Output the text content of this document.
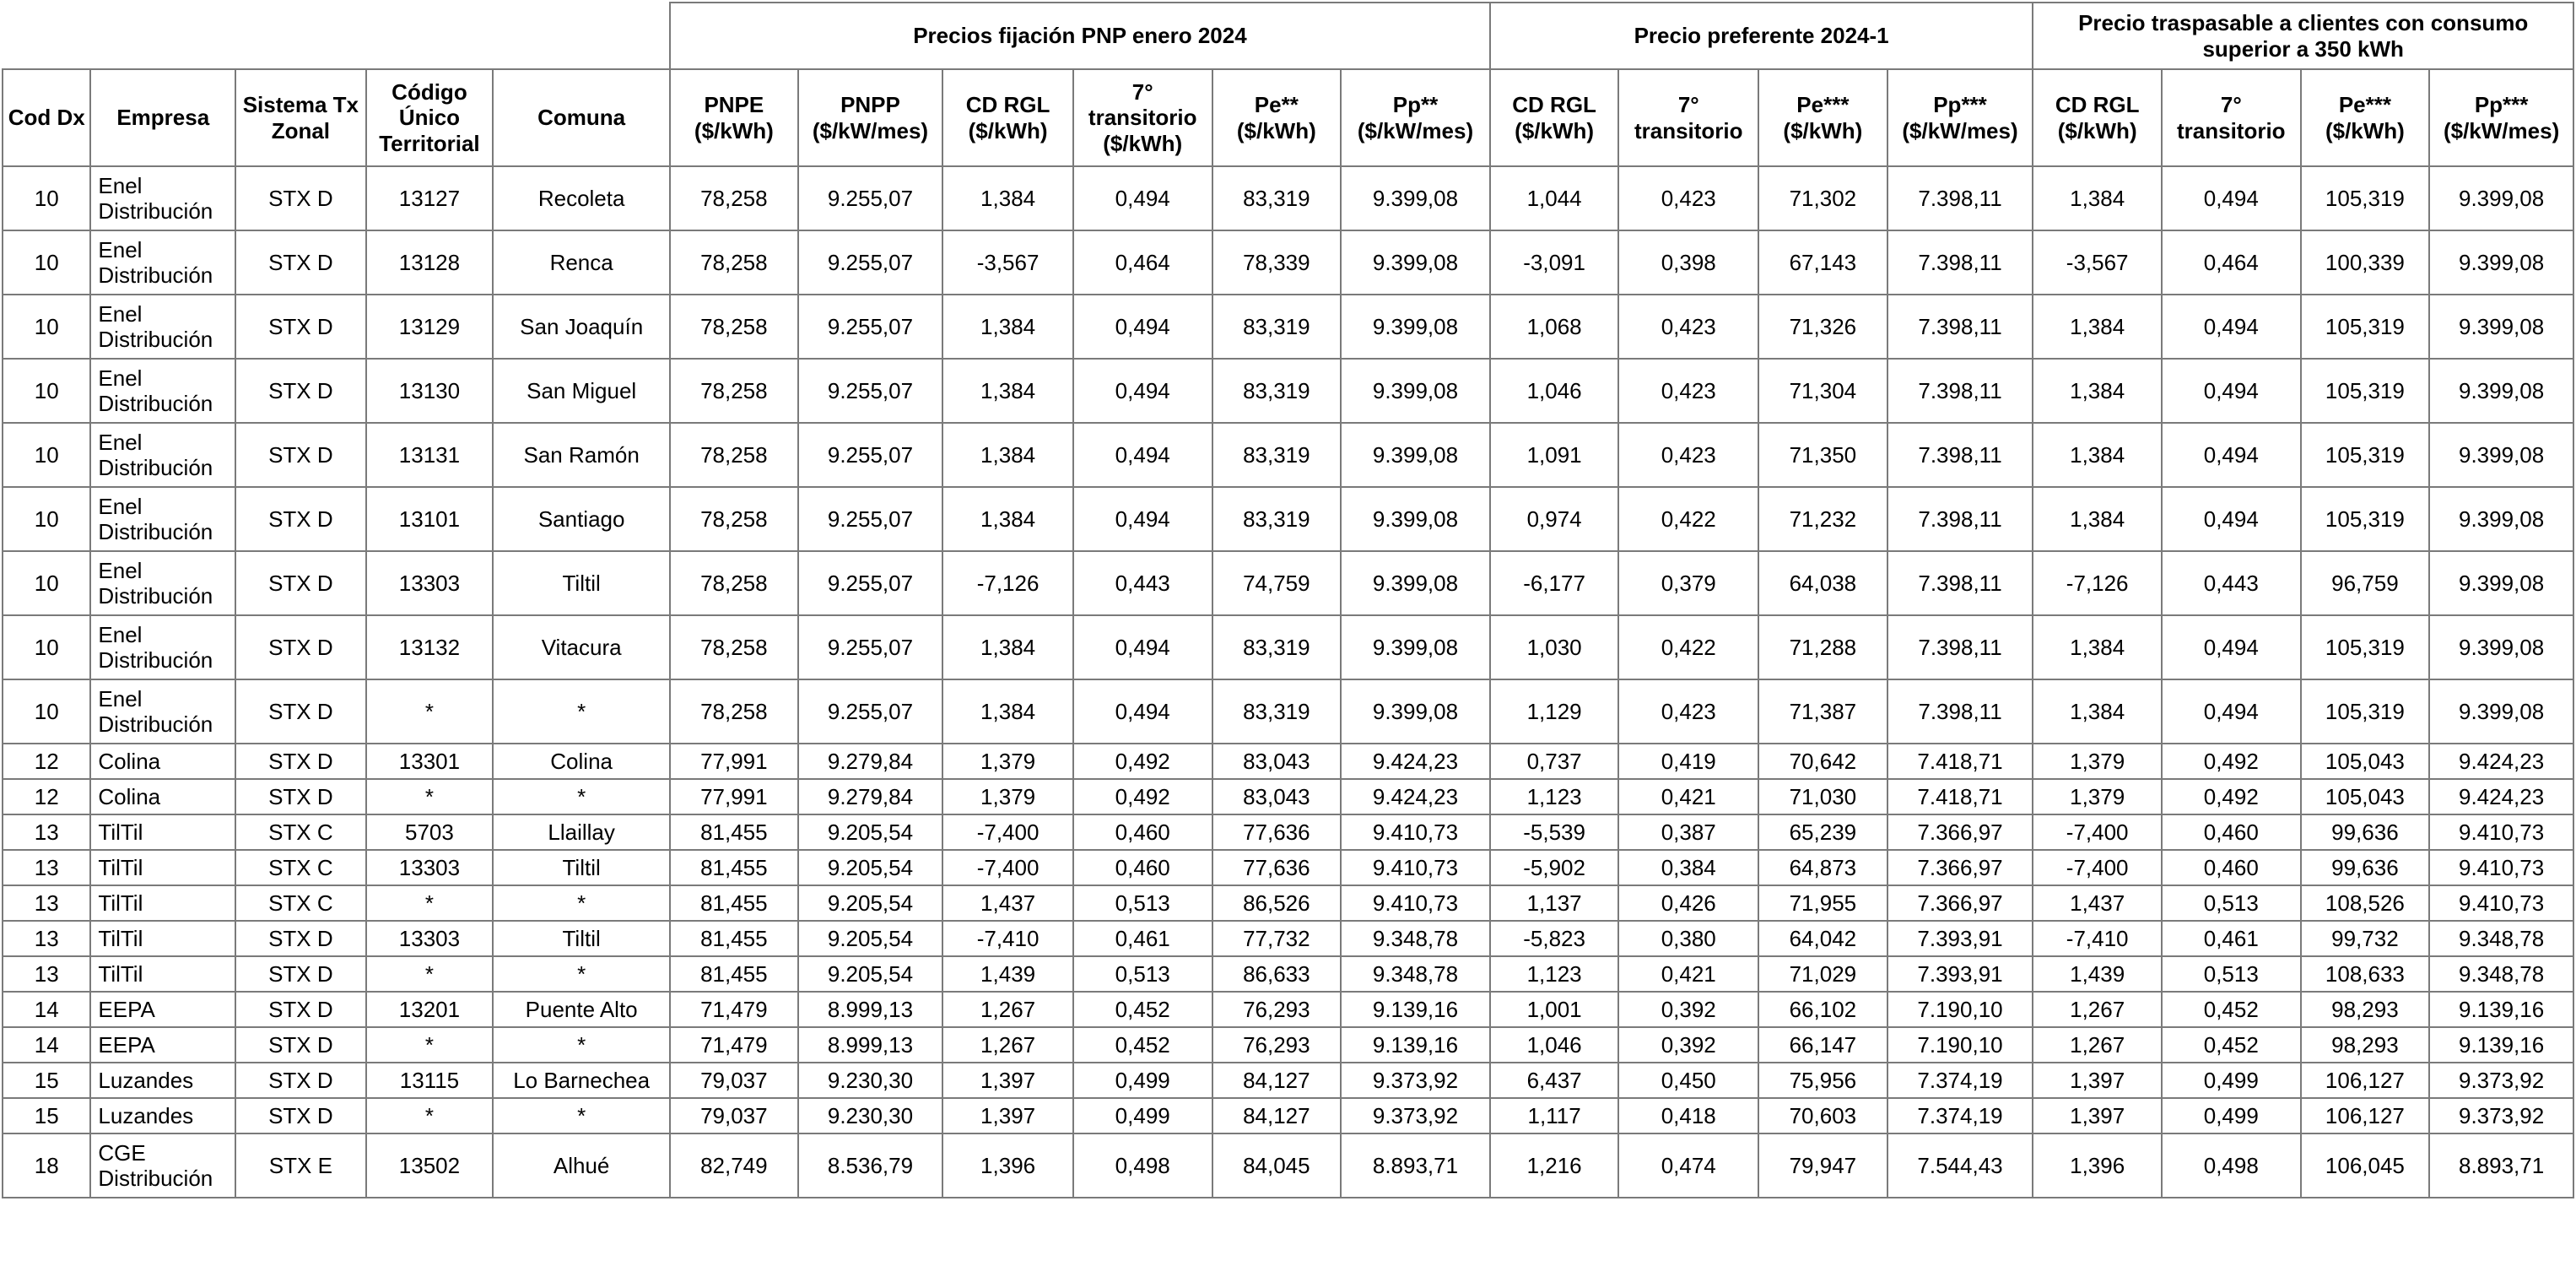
					Precios fijación PNP enero 2024						Precio preferente 2024-1				Precio traspasable a clientes con consumo superior a 350 kWh			
Cod Dx	Empresa	Sistema Tx Zonal	Código Único Territorial	Comuna	PNPE ($/kWh)	PNPP ($/kW/mes)	CD RGL ($/kWh)	7° transitorio ($/kWh)	Pe** ($/kWh)	Pp** ($/kW/mes)	CD RGL ($/kWh)	7° transitorio	Pe*** ($/kWh)	Pp*** ($/kW/mes)	CD RGL ($/kWh)	7° transitorio	Pe*** ($/kWh)	Pp*** ($/kW/mes)
10	Enel Distribución	STX D	13127	Recoleta	78,258	9.255,07	1,384	0,494	83,319	9.399,08	1,044	0,423	71,302	7.398,11	1,384	0,494	105,319	9.399,08
10	Enel Distribución	STX D	13128	Renca	78,258	9.255,07	-3,567	0,464	78,339	9.399,08	-3,091	0,398	67,143	7.398,11	-3,567	0,464	100,339	9.399,08
10	Enel Distribución	STX D	13129	San Joaquín	78,258	9.255,07	1,384	0,494	83,319	9.399,08	1,068	0,423	71,326	7.398,11	1,384	0,494	105,319	9.399,08
10	Enel Distribución	STX D	13130	San Miguel	78,258	9.255,07	1,384	0,494	83,319	9.399,08	1,046	0,423	71,304	7.398,11	1,384	0,494	105,319	9.399,08
10	Enel Distribución	STX D	13131	San Ramón	78,258	9.255,07	1,384	0,494	83,319	9.399,08	1,091	0,423	71,350	7.398,11	1,384	0,494	105,319	9.399,08
10	Enel Distribución	STX D	13101	Santiago	78,258	9.255,07	1,384	0,494	83,319	9.399,08	0,974	0,422	71,232	7.398,11	1,384	0,494	105,319	9.399,08
10	Enel Distribución	STX D	13303	Tiltil	78,258	9.255,07	-7,126	0,443	74,759	9.399,08	-6,177	0,379	64,038	7.398,11	-7,126	0,443	96,759	9.399,08
10	Enel Distribución	STX D	13132	Vitacura	78,258	9.255,07	1,384	0,494	83,319	9.399,08	1,030	0,422	71,288	7.398,11	1,384	0,494	105,319	9.399,08
10	Enel Distribución	STX D	*	*	78,258	9.255,07	1,384	0,494	83,319	9.399,08	1,129	0,423	71,387	7.398,11	1,384	0,494	105,319	9.399,08
12	Colina	STX D	13301	Colina	77,991	9.279,84	1,379	0,492	83,043	9.424,23	0,737	0,419	70,642	7.418,71	1,379	0,492	105,043	9.424,23
12	Colina	STX D	*	*	77,991	9.279,84	1,379	0,492	83,043	9.424,23	1,123	0,421	71,030	7.418,71	1,379	0,492	105,043	9.424,23
13	TilTil	STX C	5703	Llaillay	81,455	9.205,54	-7,400	0,460	77,636	9.410,73	-5,539	0,387	65,239	7.366,97	-7,400	0,460	99,636	9.410,73
13	TilTil	STX C	13303	Tiltil	81,455	9.205,54	-7,400	0,460	77,636	9.410,73	-5,902	0,384	64,873	7.366,97	-7,400	0,460	99,636	9.410,73
13	TilTil	STX C	*	*	81,455	9.205,54	1,437	0,513	86,526	9.410,73	1,137	0,426	71,955	7.366,97	1,437	0,513	108,526	9.410,73
13	TilTil	STX D	13303	Tiltil	81,455	9.205,54	-7,410	0,461	77,732	9.348,78	-5,823	0,380	64,042	7.393,91	-7,410	0,461	99,732	9.348,78
13	TilTil	STX D	*	*	81,455	9.205,54	1,439	0,513	86,633	9.348,78	1,123	0,421	71,029	7.393,91	1,439	0,513	108,633	9.348,78
14	EEPA	STX D	13201	Puente Alto	71,479	8.999,13	1,267	0,452	76,293	9.139,16	1,001	0,392	66,102	7.190,10	1,267	0,452	98,293	9.139,16
14	EEPA	STX D	*	*	71,479	8.999,13	1,267	0,452	76,293	9.139,16	1,046	0,392	66,147	7.190,10	1,267	0,452	98,293	9.139,16
15	Luzandes	STX D	13115	Lo Barnechea	79,037	9.230,30	1,397	0,499	84,127	9.373,92	6,437	0,450	75,956	7.374,19	1,397	0,499	106,127	9.373,92
15	Luzandes	STX D	*	*	79,037	9.230,30	1,397	0,499	84,127	9.373,92	1,117	0,418	70,603	7.374,19	1,397	0,499	106,127	9.373,92
18	CGE Distribución	STX E	13502	Alhué	82,749	8.536,79	1,396	0,498	84,045	8.893,71	1,216	0,474	79,947	7.544,43	1,396	0,498	106,045	8.893,71
